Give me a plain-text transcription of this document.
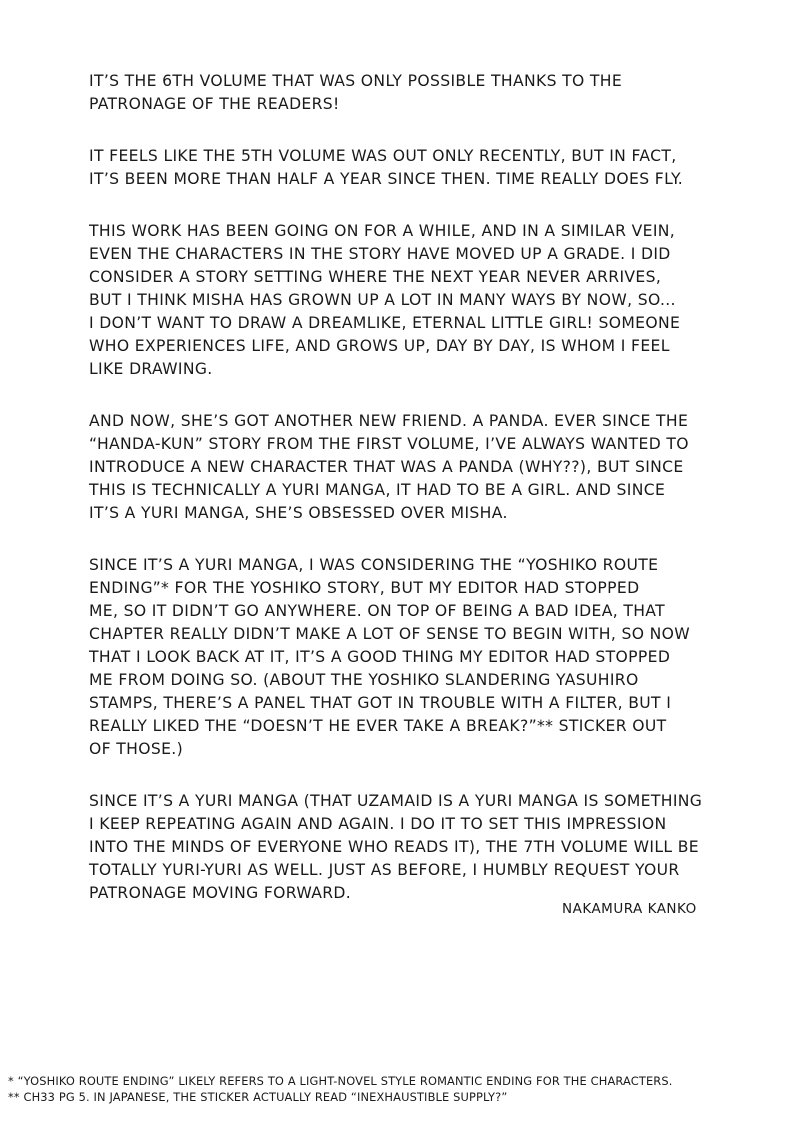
IT’S THE 6TH VOLUME THAT WAS ONLY POSSIBLE THANKS TO THE
PATRONAGE OF THE READERS!

IT FEELS LIKE THE 5TH VOLUME WAS OUT ONLY RECENTLY, BUT IN FACT,
IT’S BEEN MORE THAN HALF A YEAR SINCE THEN. TIME REALLY DOES FLY.

THIS WORK HAS BEEN GOING ON FOR A WHILE, AND IN A SIMILAR VEIN,
EVEN THE CHARACTERS IN THE STORY HAVE MOVED UP A GRADE. I DID
CONSIDER A STORY SETTING WHERE THE NEXT YEAR NEVER ARRIVES,
BUT I THINK MISHA HAS GROWN UP A LOT IN MANY WAYS BY NOW, SO...
I DON’T WANT TO DRAW A DREAMLIKE, ETERNAL LITTLE GIRL! SOMEONE
WHO EXPERIENCES LIFE, AND GROWS UP, DAY BY DAY, IS WHOM I FEEL
LIKE DRAWING.

AND NOW, SHE’S GOT ANOTHER NEW FRIEND. A PANDA. EVER SINCE THE
“HANDA-KUN” STORY FROM THE FIRST VOLUME, I’VE ALWAYS WANTED TO
INTRODUCE A NEW CHARACTER THAT WAS A PANDA (WHY??), BUT SINCE
THIS IS TECHNICALLY A YURI MANGA, IT HAD TO BE A GIRL. AND SINCE
IT’S A YURI MANGA, SHE’S OBSESSED OVER MISHA.

SINCE IT’S A YURI MANGA, I WAS CONSIDERING THE “YOSHIKO ROUTE
ENDING”* FOR THE YOSHIKO STORY, BUT MY EDITOR HAD STOPPED
ME, SO IT DIDN’T GO ANYWHERE. ON TOP OF BEING A BAD IDEA, THAT
CHAPTER REALLY DIDN’T MAKE A LOT OF SENSE TO BEGIN WITH, SO NOW
THAT I LOOK BACK AT IT, IT’S A GOOD THING MY EDITOR HAD STOPPED
ME FROM DOING SO. (ABOUT THE YOSHIKO SLANDERING YASUHIRO
STAMPS, THERE’S A PANEL THAT GOT IN TROUBLE WITH A FILTER, BUT I
REALLY LIKED THE “DOESN’T HE EVER TAKE A BREAK?”** STICKER OUT
OF THOSE.)

SINCE IT’S A YURI MANGA (THAT UZAMAID IS A YURI MANGA IS SOMETHING
I KEEP REPEATING AGAIN AND AGAIN. I DO IT TO SET THIS IMPRESSION
INTO THE MINDS OF EVERYONE WHO READS IT), THE 7TH VOLUME WILL BE
TOTALLY YURI-YURI AS WELL. JUST AS BEFORE, I HUMBLY REQUEST YOUR
PATRONAGE MOVING FORWARD.

NAKAMURA KANKO
* “YOSHIKO ROUTE ENDING” LIKELY REFERS TO A LIGHT-NOVEL STYLE ROMANTIC ENDING FOR THE CHARACTERS.
** CH33 PG 5. IN JAPANESE, THE STICKER ACTUALLY READ “INEXHAUSTIBLE SUPPLY?”
